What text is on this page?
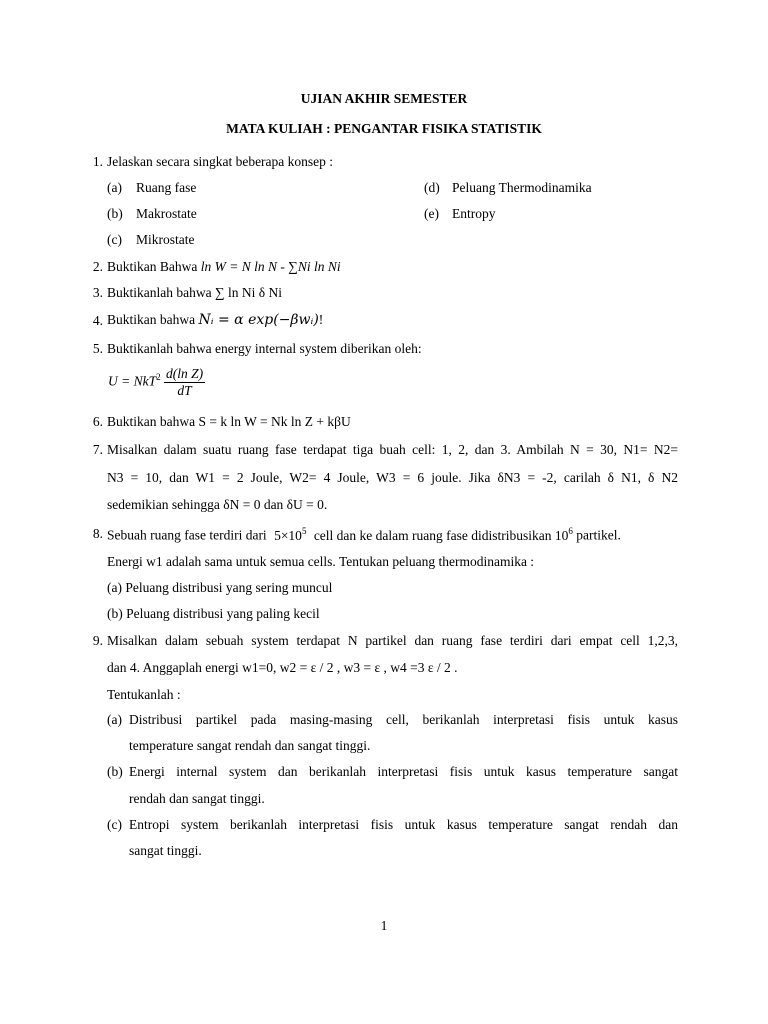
UJIAN AKHIR SEMESTER
MATA KULIAH : PENGANTAR FISIKA STATISTIK
1. Jelaskan secara singkat beberapa konsep :
(a) Ruang fase
(b) Makrostate
(c) Mikrostate
(d) Peluang Thermodinamika
(e) Entropy
2. Buktikan Bahwa ln W = N ln N - ∑Ni ln Ni
3. Buktikanlah bahwa ∑ ln Ni δ Ni
4. Buktikan bahwa Nᵢ = α exp(−βwᵢ)!
5. Buktikanlah bahwa energy internal system diberikan oleh:
$U = NkT^2 \frac{\text{d(ln Z)}}{dT}$
6. Buktikan bahwa S = k ln W = Nk ln Z + kβU
7. Misalkan dalam suatu ruang fase terdapat tiga buah cell: 1, 2, dan 3. Ambilah N = 30, N1= N2=
N3 = 10, dan W1 = 2 Joule, W2= 4 Joule, W3 = 6 joule. Jika δN3 = -2, carilah δ N1, δ N2
sedemikian sehingga δN = 0 dan δU = 0.
8. Sebuah ruang fase terdiri dari $5\times 10^5$ cell dan ke dalam ruang fase didistribusikan $10^6$ partikel.
Energi w1 adalah sama untuk semua cells. Tentukan peluang thermodinamika :
(a) Peluang distribusi yang sering muncul
(b) Peluang distribusi yang paling kecil
9. Misalkan dalam sebuah system terdapat N partikel dan ruang fase terdiri dari empat cell 1,2,3,
dan 4. Anggaplah energi w1=0, w2 = ε / 2 , w3 = ε , w4 =3 ε / 2 .
Tentukanlah :
(a) Distribusi partikel pada masing-masing cell, berikanlah interpretasi fisis untuk kasus
temperature sangat rendah dan sangat tinggi.
(b) Energi internal system dan berikanlah interpretasi fisis untuk kasus temperature sangat
rendah dan sangat tinggi.
(c) Entropi system berikanlah interpretasi fisis untuk kasus temperature sangat rendah dan
sangat tinggi.
1
